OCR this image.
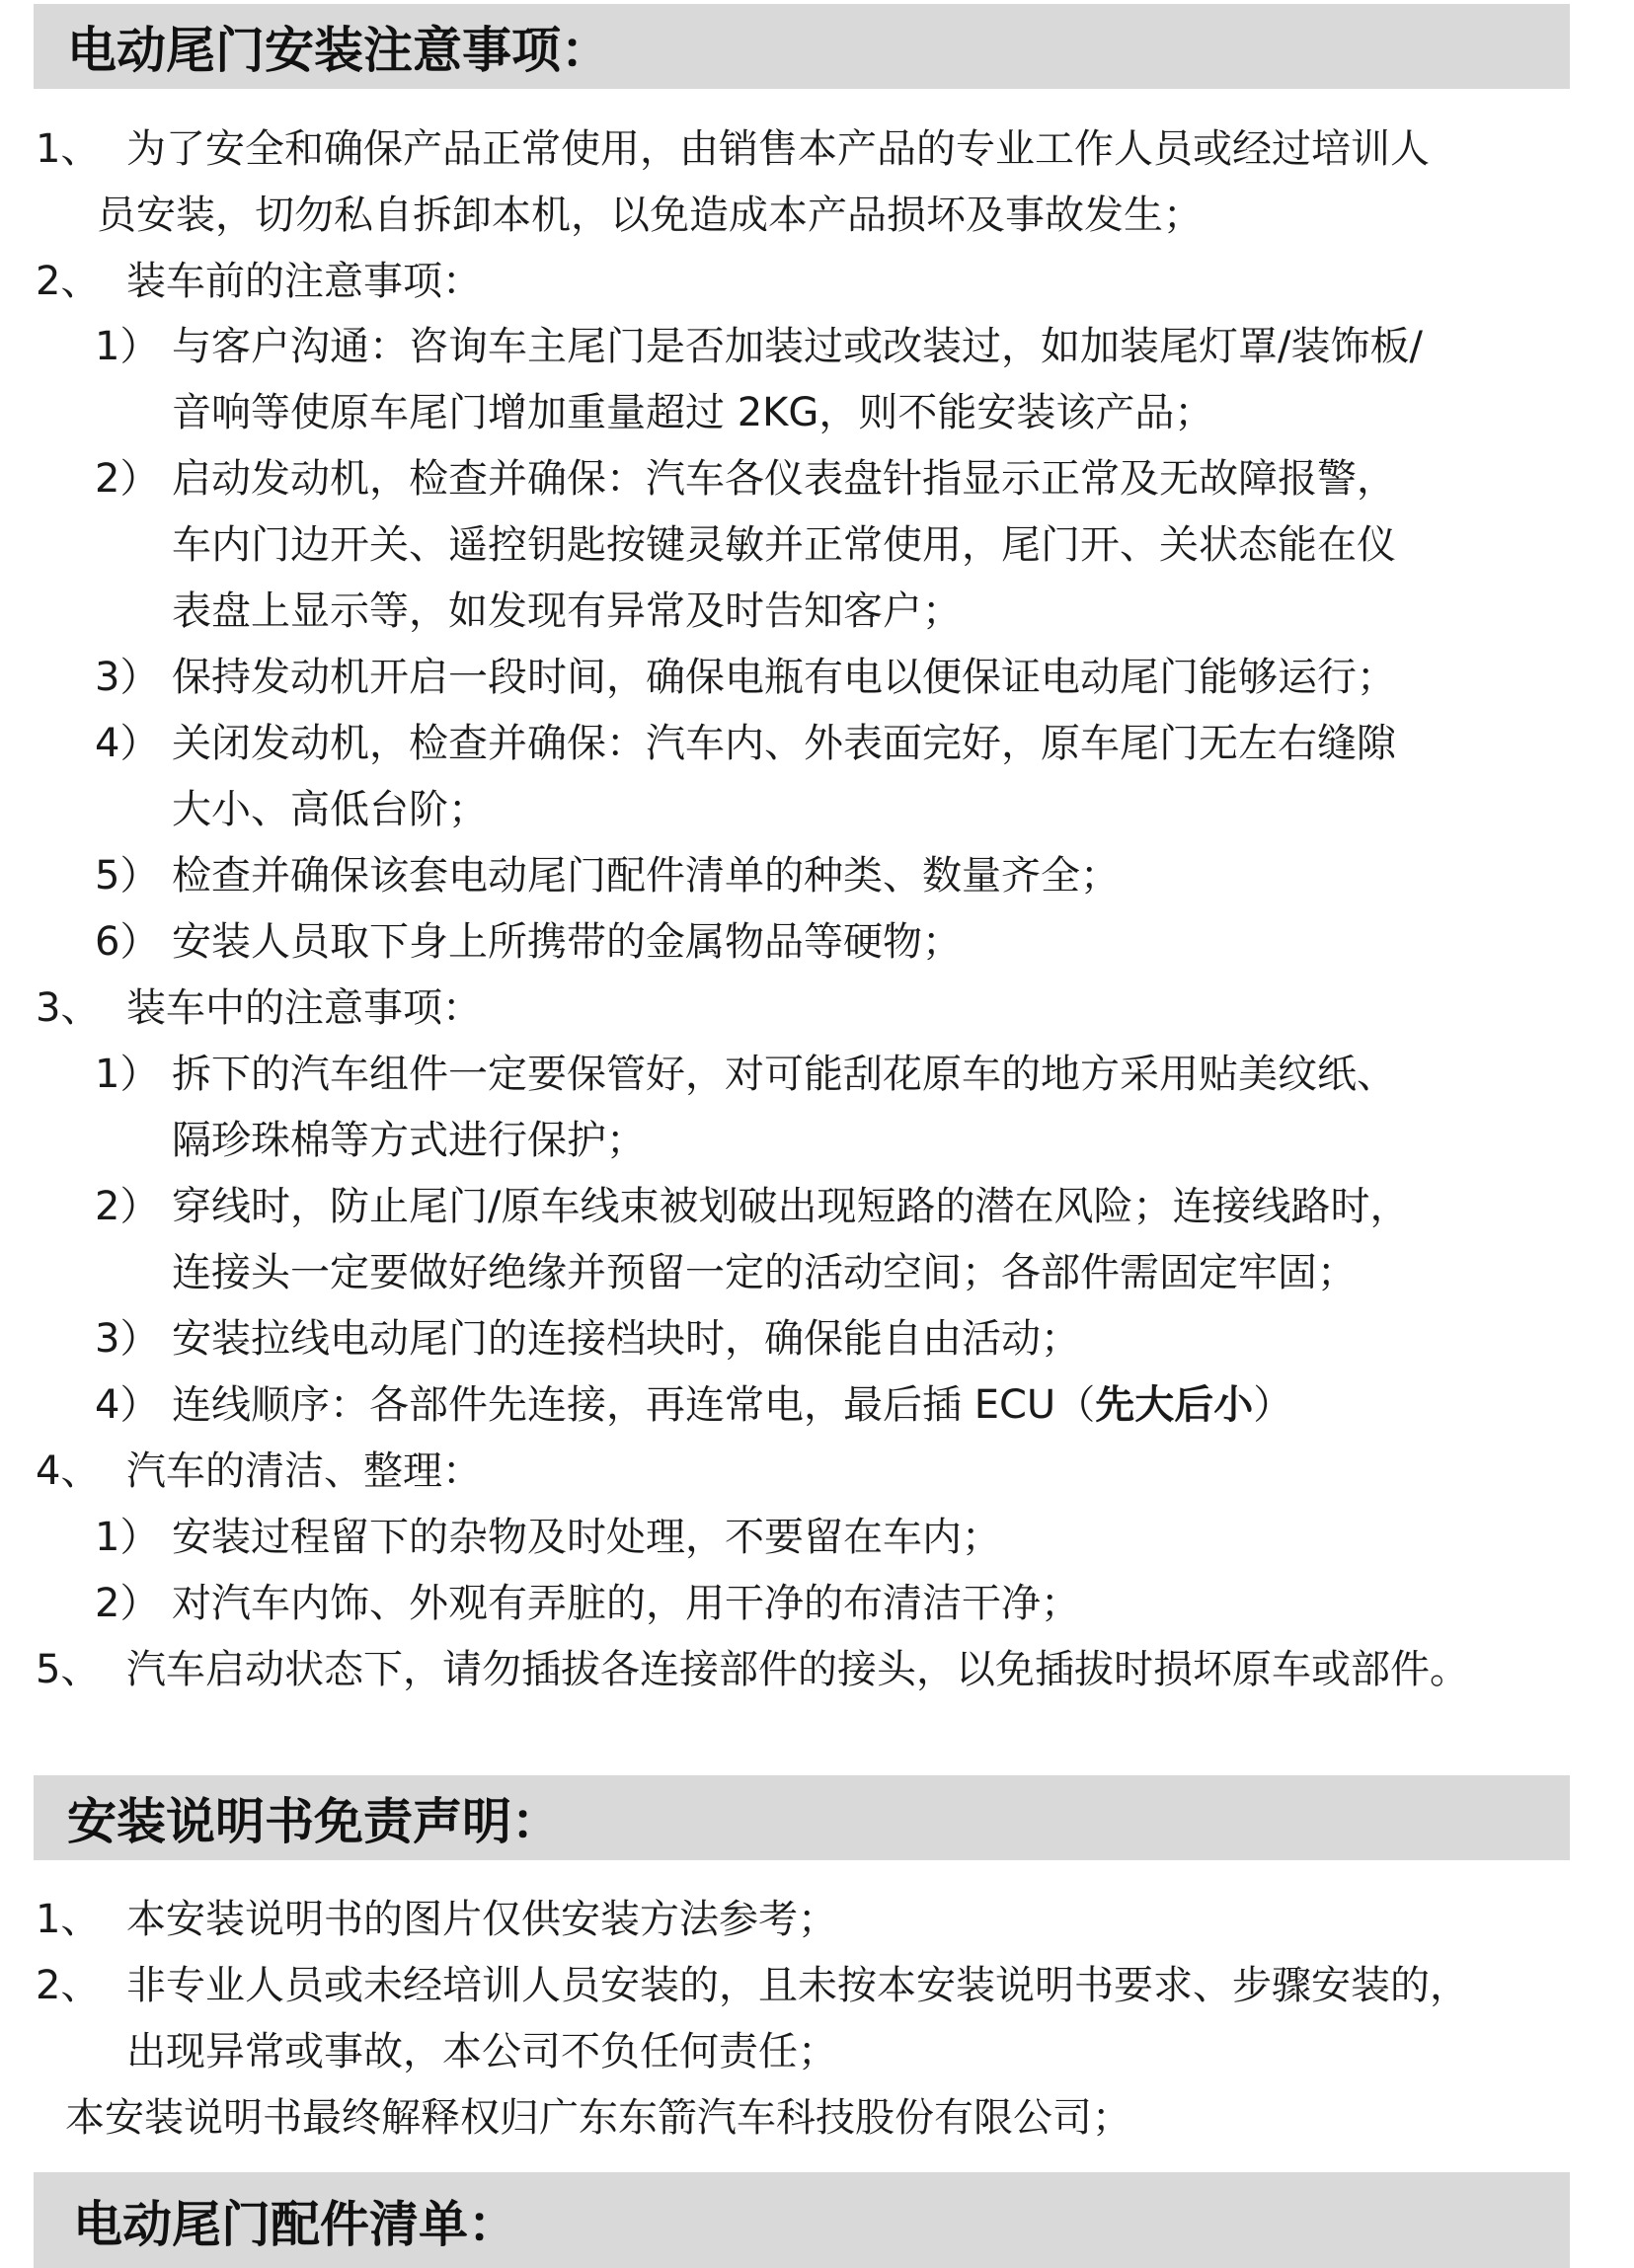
电动尾门安装注意事项：
1、 为了安全和确保产品正常使用，由销售本产品的专业工作人员或经过培训人
员安装，切勿私自拆卸本机，以免造成本产品损坏及事故发生；
2、 装车前的注意事项：
1） 与客户沟通：咨询车主尾门是否加装过或改装过，如加装尾灯罩/装饰板/
音响等使原车尾门增加重量超过 2KG，则不能安装该产品；
2） 启动发动机，检查并确保：汽车各仪表盘针指显示正常及无故障报警，
车内门边开关、遥控钥匙按键灵敏并正常使用，尾门开、关状态能在仪
表盘上显示等，如发现有异常及时告知客户；
3） 保持发动机开启一段时间，确保电瓶有电以便保证电动尾门能够运行；
4） 关闭发动机，检查并确保：汽车内、外表面完好，原车尾门无左右缝隙
大小、高低台阶；
5） 检查并确保该套电动尾门配件清单的种类、数量齐全；
6） 安装人员取下身上所携带的金属物品等硬物；
3、 装车中的注意事项：
1） 拆下的汽车组件一定要保管好，对可能刮花原车的地方采用贴美纹纸、
隔珍珠棉等方式进行保护；
2） 穿线时，防止尾门/原车线束被划破出现短路的潜在风险；连接线路时，
连接头一定要做好绝缘并预留一定的活动空间；各部件需固定牢固；
3） 安装拉线电动尾门的连接档块时，确保能自由活动；
4） 连线顺序：各部件先连接，再连常电，最后插 ECU（先大后小）
4、 汽车的清洁、整理：
1） 安装过程留下的杂物及时处理，不要留在车内；
2） 对汽车内饰、外观有弄脏的，用干净的布清洁干净；
5、 汽车启动状态下，请勿插拔各连接部件的接头，以免插拔时损坏原车或部件。
安装说明书免责声明：
1、 本安装说明书的图片仅供安装方法参考；
2、 非专业人员或未经培训人员安装的，且未按本安装说明书要求、步骤安装的，
出现异常或事故，本公司不负任何责任；
本安装说明书最终解释权归广东东箭汽车科技股份有限公司；
电动尾门配件清单：
